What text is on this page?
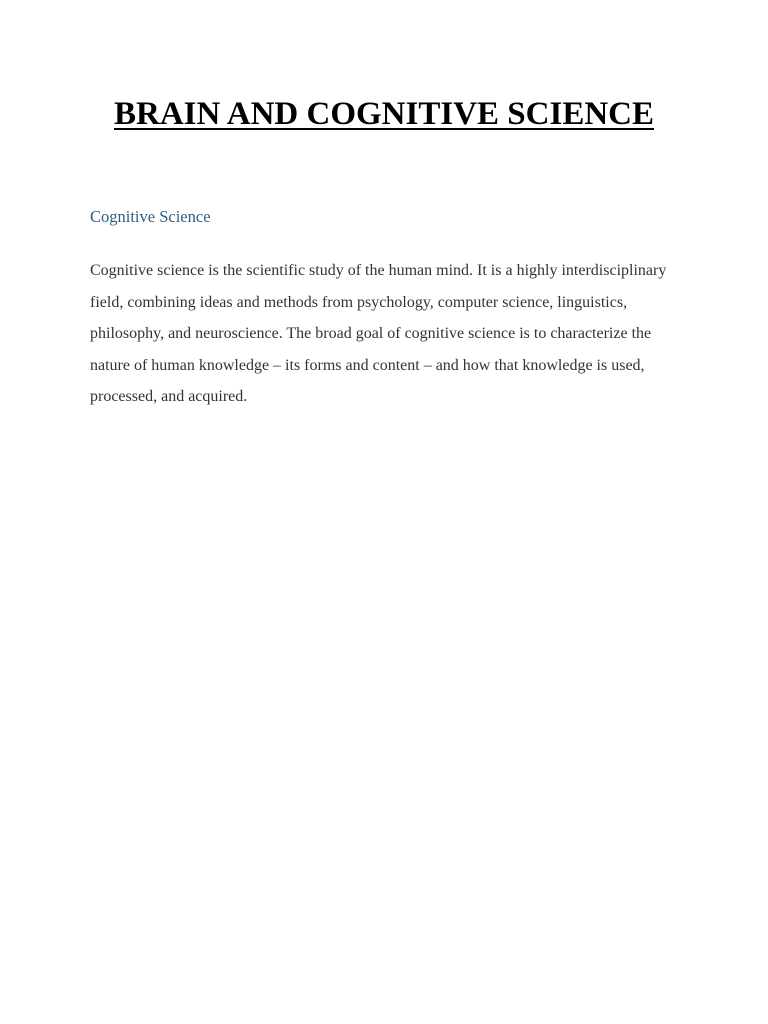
BRAIN AND COGNITIVE SCIENCE
Cognitive Science

Cognitive science is the scientific study of the human mind. It is a highly interdisciplinary field, combining ideas and methods from psychology, computer science, linguistics, philosophy, and neuroscience. The broad goal of cognitive science is to characterize the nature of human knowledge – its forms and content – and how that knowledge is used, processed, and acquired.
